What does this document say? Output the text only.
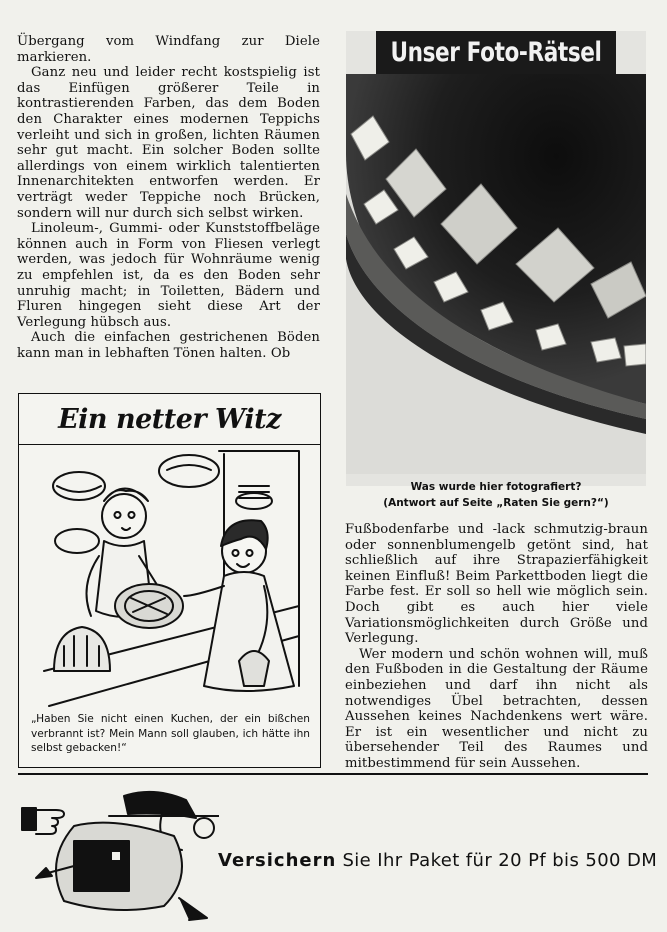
Übergang vom Windfang zur Diele markieren.

Ganz neu und leider recht kostspielig ist das Einfügen größerer Teile in kontrastierenden Farben, das dem Boden den Charakter eines modernen Teppichs verleiht und sich in großen, lichten Räumen sehr gut macht. Ein solcher Boden sollte allerdings von einem wirklich talentierten Innenarchitekten entworfen werden. Er verträgt weder Teppiche noch Brücken, sondern will nur durch sich selbst wirken.

Linoleum-, Gummi- oder Kunststoffbeläge können auch in Form von Fliesen verlegt werden, was jedoch für Wohnräume wenig zu empfehlen ist, da es den Boden sehr unruhig macht; in Toiletten, Bädern und Fluren hingegen sieht diese Art der Verlegung hübsch aus.

Auch die einfachen gestrichenen Böden kann man in lebhaften Tönen halten. Ob

Unser Foto-Rätsel
Was wurde hier fotografiert?
(Antwort auf Seite „Raten Sie gern?“)
Ein netter Witz
„Haben Sie nicht einen Kuchen, der ein bißchen verbrannt ist? Mein Mann soll glauben, ich hätte ihn selbst gebacken!“

Fußbodenfarbe und -lack schmutzig-braun oder sonnenblumengelb getönt sind, hat schließlich auf ihre Strapazierfähigkeit keinen Einfluß! Beim Parkettboden liegt die Farbe fest. Er soll so hell wie möglich sein. Doch gibt es auch hier viele Variationsmöglichkeiten durch Größe und Verlegung.

Wer modern und schön wohnen will, muß den Fußboden in die Gestaltung der Räume einbeziehen und darf ihn nicht als notwendiges Übel betrachten, dessen Aussehen keines Nachdenkens wert wäre. Er ist ein wesentlicher und nicht zu übersehender Teil des Raumes und mitbestimmend für sein Aussehen.

Versichern Sie Ihr Paket für 20 Pf bis 500 DM
